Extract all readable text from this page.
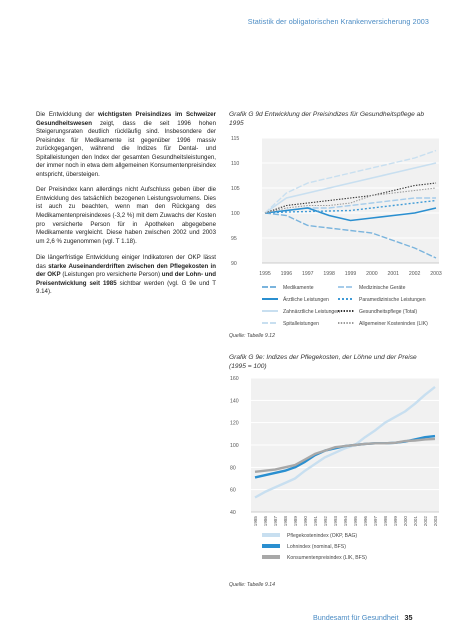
Statistik der obligatorischen Krankenversicherung 2003

Die Entwicklung der wichtigsten Preisindizes im Schweizer Gesundheitswesen zeigt, dass die seit 1996 hohen Steigerungsraten deutlich rückläufig sind. Insbesondere der Preisindex für Medikamente ist gegenüber 1996 massiv zurückgegangen, während die Indizes für Dental- und Spitalleistungen den Index der gesamten Gesundheitsleistungen, der immer noch in etwa dem allgemeinen Konsumentenpreisindex entspricht, übersteigen.

Der Preisindex kann allerdings nicht Aufschluss geben über die Entwicklung des tatsächlich bezogenen Leistungsvolumens. Dies ist auch zu beachten, wenn man den Rückgang des Medikamentenpreisindexes (-3,2 %) mit dem Zuwachs der Kosten pro versicherte Person für in Apotheken abgegebene Medikamente vergleicht. Diese haben zwischen 2002 und 2003 um 2,6 % zugenommen (vgl. T 1.18).

Die längerfristige Entwicklung einiger Indikatoren der OKP lässt das starke Auseinanderdriften zwischen den Pflegekosten in der OKP (Leistungen pro versicherte Person) und der Lohn- und Preisentwicklung seit 1985 sichtbar werden (vgl. G 9e und T 9.14).

Grafik G 9d Entwicklung der Preisindizes für Gesundheitspflege ab 1995
90
95
100
105
110
115
1995 1996 1997 1998 1999 2000 2001 2002 2003
Medikamente	Medizinische Geräte
Ärztliche Leistungen	Paramedizinische Leistungen
Zahnärztliche Leistungen	Gesundheitspflege (Total)
Spitalleistungen	Allgemeiner Kostenindex (LIK)
Quelle: Tabelle 9.12
Grafik G 9e: Indizes der Pflegekosten, der Löhne und der Preise (1995 = 100)
40
60
80
100
120
140
160
1985 1986 1987 1988 1989 1990 1991 1992 1993 1994 1995 1996 1997 1998 1999 2000 2001 2002 2003
Pflegekostenindex (OKP, BAG)
Lohnindex (nominal, BFS)
Konsumentenpreisindex (LIK, BFS)
Quelle: Tabelle 9.14
Bundesamt für Gesundheit 35
